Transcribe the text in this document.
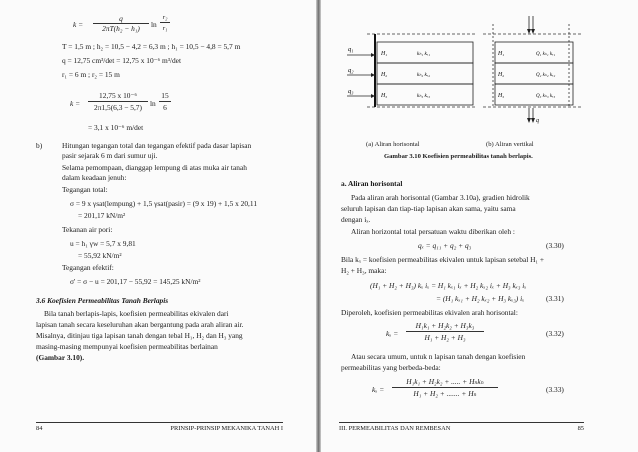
k =
q
2πT(h₂ − h₁)	ln
r₂
r₁
T = 1,5 m ; h₂ = 10,5 − 4,2 = 6,3 m ; h₁ = 10,5 − 4,8 = 5,7 m
q = 12,75 cm³/det = 12,75 x 10⁻⁶ m³/det
r₁ = 6 m ; r₂ = 15 m
k =
12,75 x 10⁻⁶
2π1,5(6,3 − 5,7)	ln
15
6
= 3,1 x 10⁻⁶ m/det
b)	Hitungan tegangan total dan tegangan efektif pada dasar lapisan
pasir sejarak 6 m dari sumur uji.
Selama pemompaan, dianggap lempung di atas muka air tanah
dalam keadaan jenuh:
Tegangan total:
σ = 9 x γsat(lempung) + 1,5 γsat(pasir) = (9 x 19) + 1,5 x 20,11
= 201,17 kN/m²
Tekanan air pori:
u = h₁ γw = 5,7 x 9,81
= 55,92 kN/m²
Tegangan efektif:
σ' = σ − u = 201,17 − 55,92 = 145,25 kN/m²
3.6 Koefisien Permeabilitas Tanah Berlapis
Bila tanah berlapis-lapis, koefisien permeabilitas ekivalen dari
lapisan tanah secara keseluruhan akan bergantung pada arah aliran air.
Misalnya, ditinjau tiga lapisan tanah dengan tebal H₁, H₂ dan H₃ yang
masing-masing mempunyai koefisien permeabilitas berlainan
(Gambar 3.10).
84	PRINSIP-PRINSIP MEKANIKA TANAH I
q₁
q₂
q₃
H₁
H₂
H₃
kₕ₁ kᵥ₁
kₕ₂ kᵥ₂
kₕ₃ kᵥ₃
q
H₁
H₂
H₃
Q₁ kₕ₁ kᵥ₁
Q₂ kₕ₂ kᵥ₂
Q₃ kₕ₃ kᵥ₃
(a) Aliran horisontal	(b) Aliran vertikal
Gambar 3.10 Koefisien permeabilitas tanah berlapis.
a. Aliran horisontal
Pada aliran arah horisontal (Gambar 3.10a), gradien hidrolik
seluruh lapisan dan tiap-tiap lapisan akan sama, yaitu sama
dengan iₓ.
Aliran horizontal total persatuan waktu diberikan oleh :
qₓ = q₁₁ + q₂ + q₃	(3.30)
Bila kₓ = koefisien permeabilitas ekivalen untuk lapisan setebal H₁ +
H₂ + H₃, maka:
(H₁ + H₂ + H₃) kₓ iₓ = H₁ kₓ₁ iₓ + H₂ kₓ₂ iₓ + H₃ kₓ₃ iₓ
= (H₁ kₓ₁ + H₂ kₓ₂ + H₃ kₓ₃) iₓ	(3.31)
Diperoleh, koefisien permeabilitas ekivalen arah horisontal:
kₓ =
H₁k₁ + H₂k₂ + H₃k₃
H₁ + H₂ + H₃	(3.32)
Atau secara umum, untuk n lapisan tanah dengan koefisien
permeabilitas yang berbeda-beda:
kₓ =
H₁k₁ + H₂k₂ + ..... + Hₙkₙ
H₁ + H₂ + ....... + Hₙ	(3.33)
III. PERMEABILITAS DAN REMBESAN	85
